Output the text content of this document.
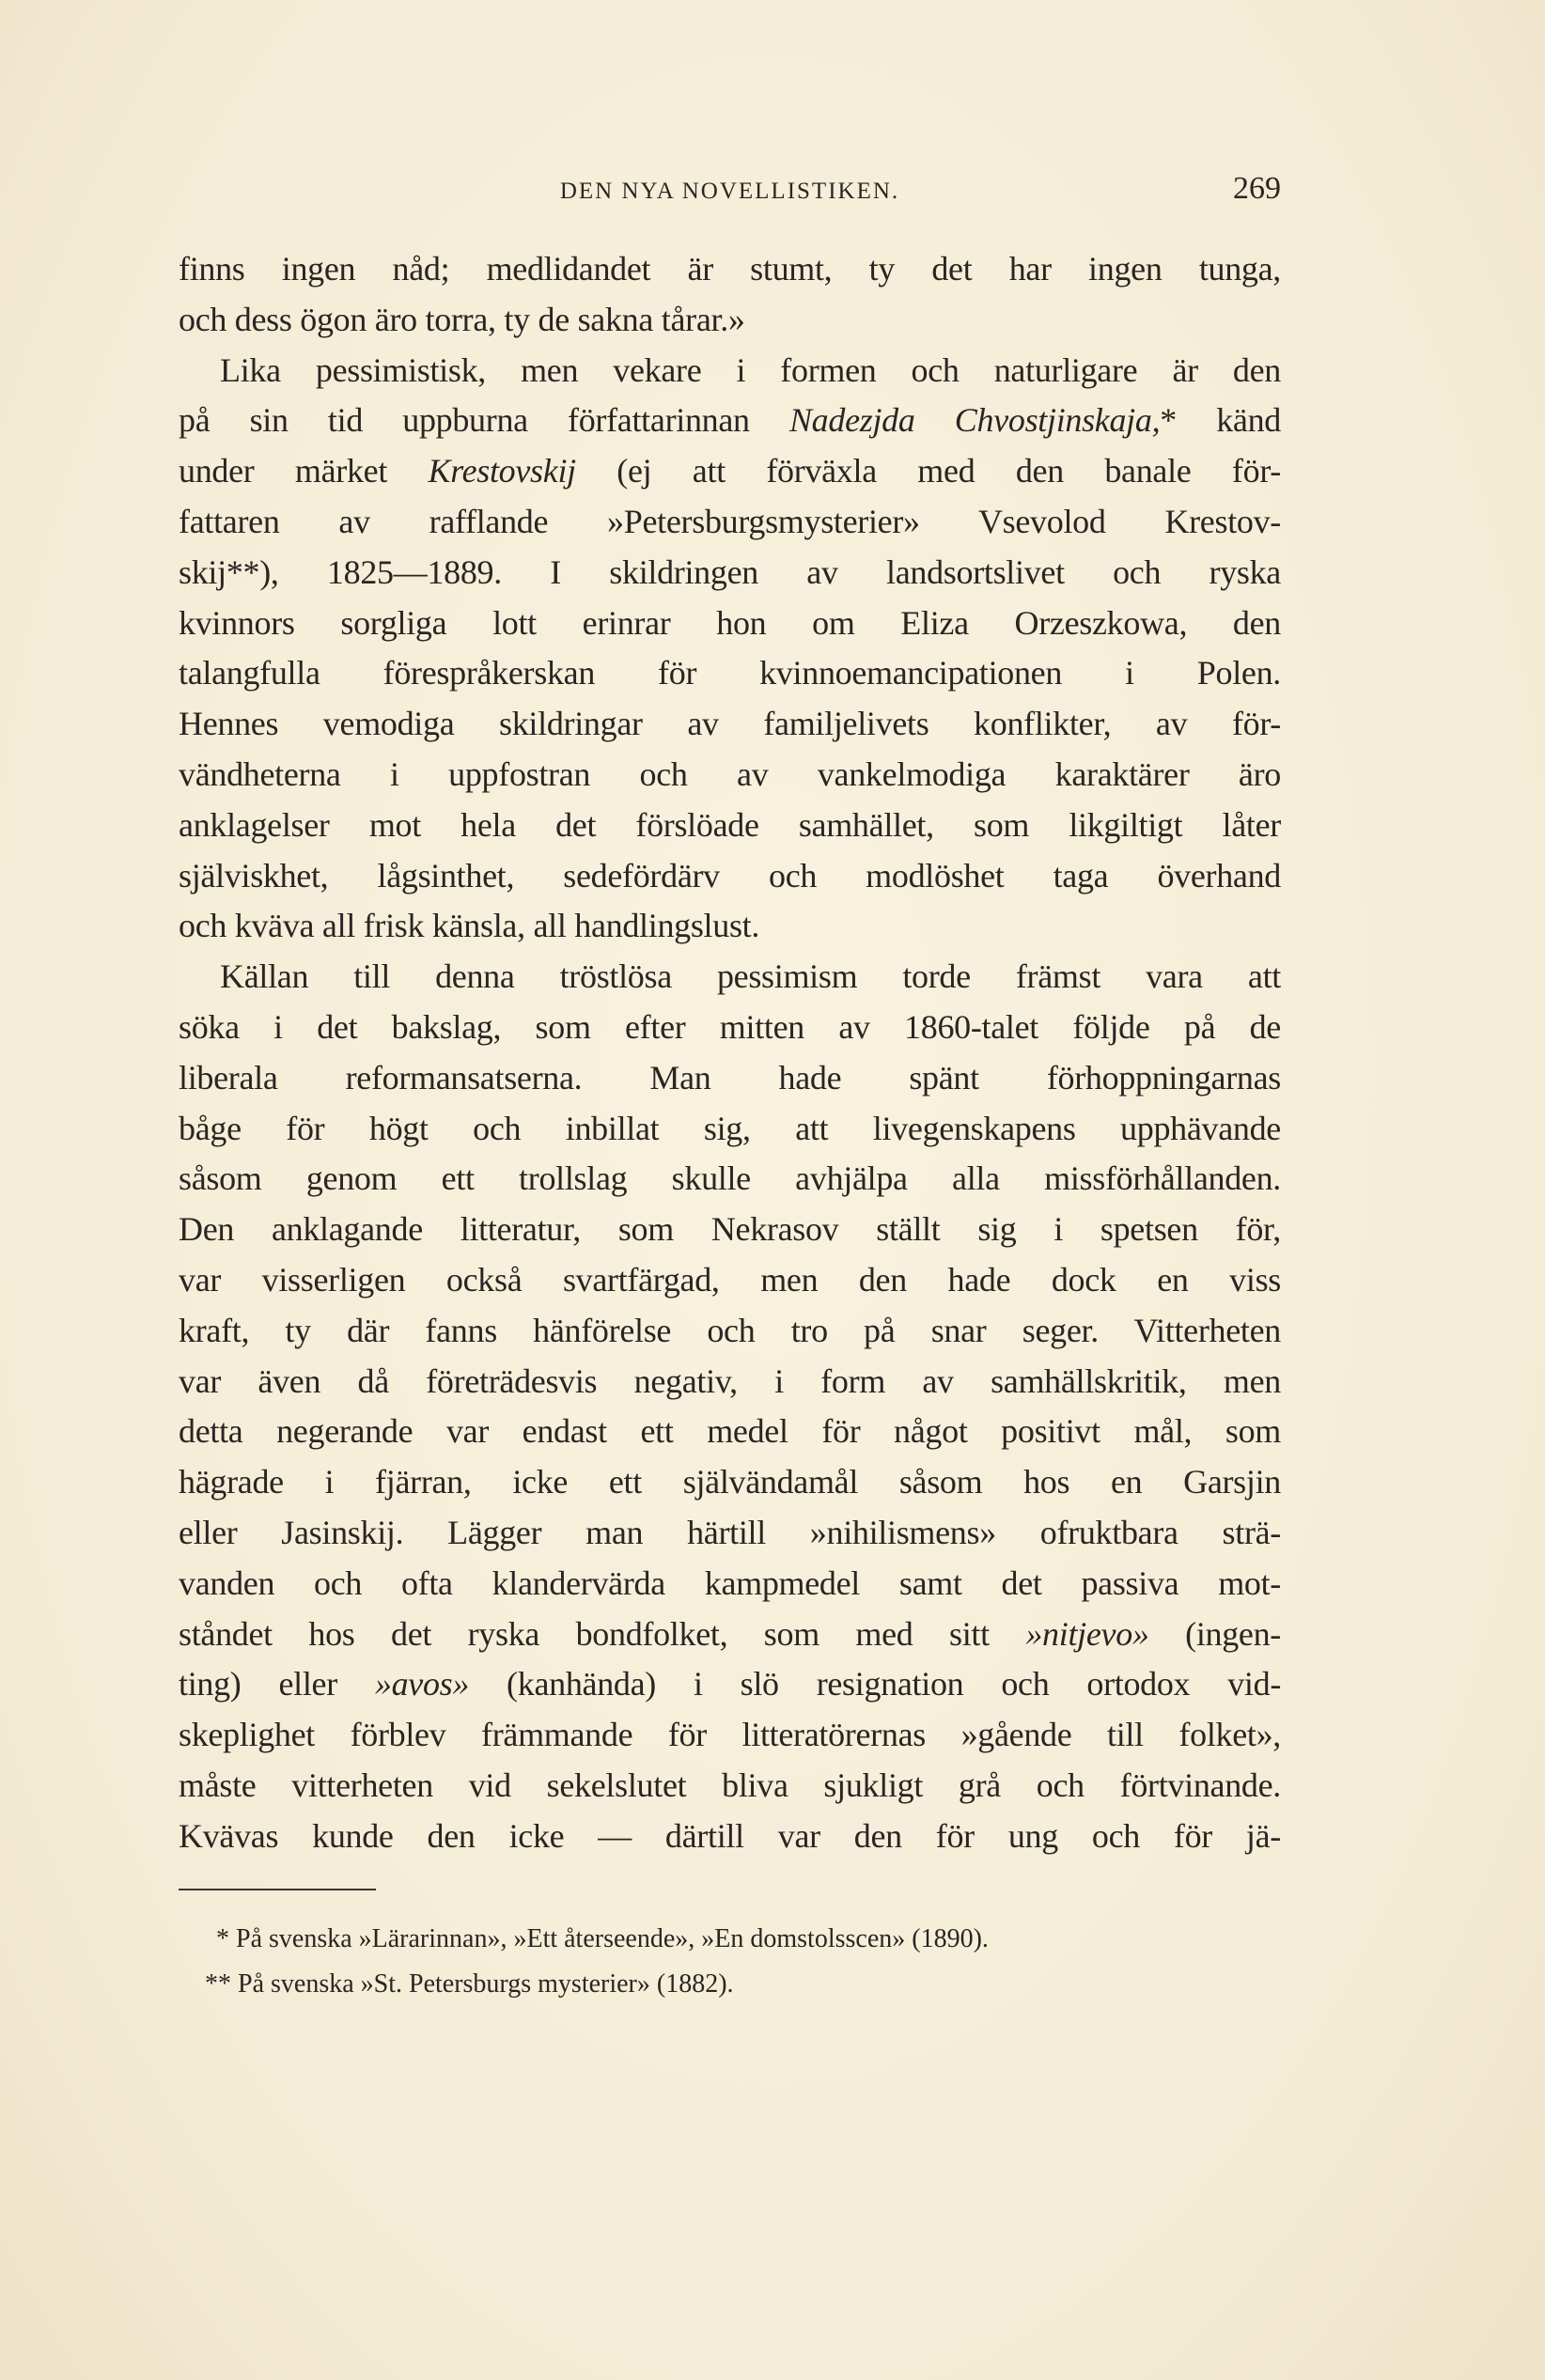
DEN NYA NOVELLISTIKEN.	269
finns ingen nåd; medlidandet är stumt, ty det har ingen tunga,
och dess ögon äro torra, ty de sakna tårar.»
Lika pessimistisk, men vekare i formen och naturligare är den
på sin tid uppburna författarinnan Nadezjda Chvostjinskaja,* känd
under märket Krestovskij (ej att förväxla med den banale för-
fattaren av rafflande »Petersburgsmysterier» Vsevolod Krestov-
skij**), 1825—1889. I skildringen av landsortslivet och ryska
kvinnors sorgliga lott erinrar hon om Eliza Orzeszkowa, den
talangfulla förespråkerskan för kvinnoemancipationen i Polen.
Hennes vemodiga skildringar av familjelivets konflikter, av för-
vändheterna i uppfostran och av vankelmodiga karaktärer äro
anklagelser mot hela det förslöade samhället, som likgiltigt låter
själviskhet, lågsinthet, sedefördärv och modlöshet taga överhand
och kväva all frisk känsla, all handlingslust.
Källan till denna tröstlösa pessimism torde främst vara att
söka i det bakslag, som efter mitten av 1860-talet följde på de
liberala reformansatserna. Man hade spänt förhoppningarnas
båge för högt och inbillat sig, att livegenskapens upphävande
såsom genom ett trollslag skulle avhjälpa alla missförhållanden.
Den anklagande litteratur, som Nekrasov ställt sig i spetsen för,
var visserligen också svartfärgad, men den hade dock en viss
kraft, ty där fanns hänförelse och tro på snar seger. Vitterheten
var även då företrädesvis negativ, i form av samhällskritik, men
detta negerande var endast ett medel för något positivt mål, som
hägrade i fjärran, icke ett självändamål såsom hos en Garsjin
eller Jasinskij. Lägger man härtill »nihilismens» ofruktbara strä-
vanden och ofta klandervärda kampmedel samt det passiva mot-
ståndet hos det ryska bondfolket, som med sitt »nitjevo» (ingen-
ting) eller »avos» (kanhända) i slö resignation och ortodox vid-
skeplighet förblev främmande för litteratörernas »gående till folket»,
måste vitterheten vid sekelslutet bliva sjukligt grå och förtvinande.
Kvävas kunde den icke — därtill var den för ung och för jä-
* På svenska »Lärarinnan», »Ett återseende», »En domstolsscen» (1890).
** På svenska »St. Petersburgs mysterier» (1882).
